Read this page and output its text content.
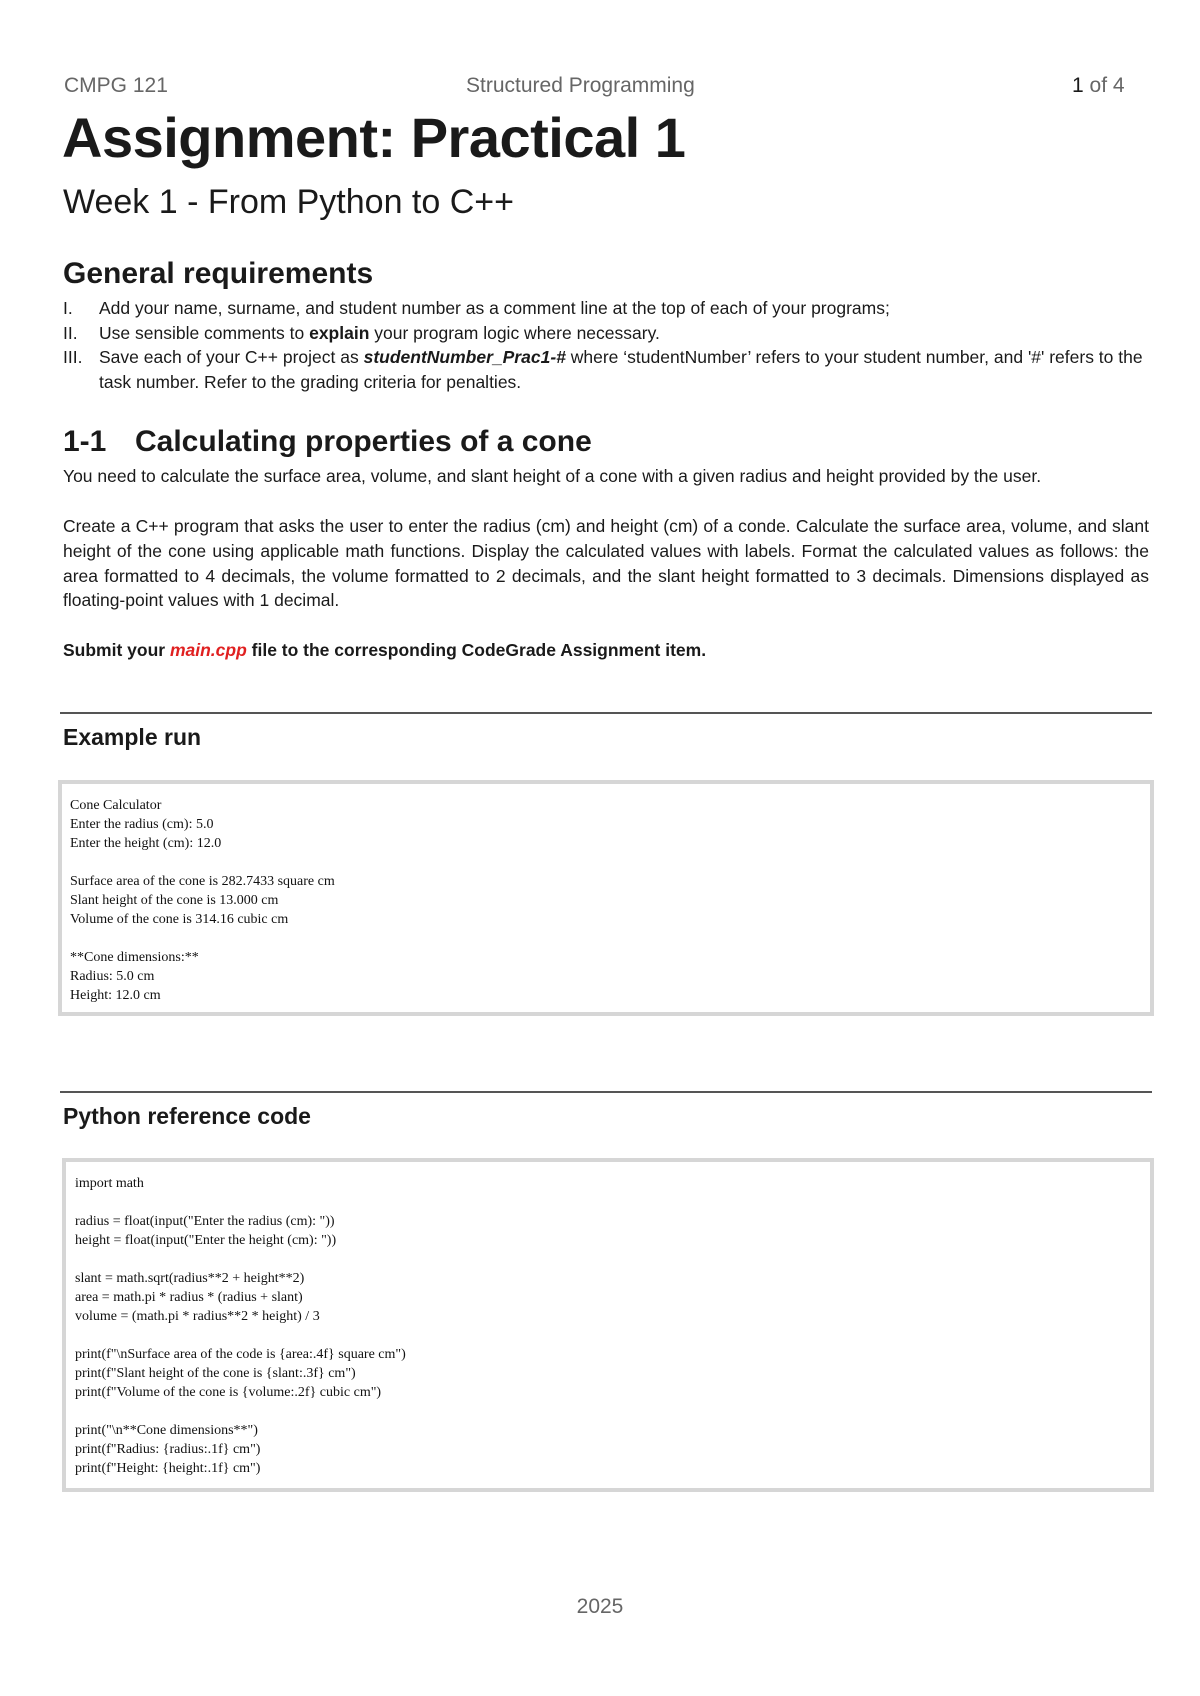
CMPG 121	Structured Programming	1 of 4
Assignment: Practical 1
Week 1 - From Python to C++
General requirements
I. Add your name, surname, and student number as a comment line at the top of each of your programs;
II. Use sensible comments to explain your program logic where necessary.
III. Save each of your C++ project as studentNumber_Prac1-# where ‘studentNumber’ refers to your student number, and '#' refers to the task number. Refer to the grading criteria for penalties.
1-1 Calculating properties of a cone

You need to calculate the surface area, volume, and slant height of a cone with a given radius and height provided by the user.

Create a C++ program that asks the user to enter the radius (cm) and height (cm) of a conde. Calculate the surface area, volume, and slant height of the cone using applicable math functions. Display the calculated values with labels. Format the calculated values as follows: the area formatted to 4 decimals, the volume formatted to 2 decimals, and the slant height formatted to 3 decimals. Dimensions displayed as floating-point values with 1 decimal.

Submit your main.cpp file to the corresponding CodeGrade Assignment item.

Example run
Cone Calculator
Enter the radius (cm): 5.0
Enter the height (cm): 12.0
Surface area of the cone is 282.7433 square cm
Slant height of the cone is 13.000 cm
Volume of the cone is 314.16 cubic cm
**Cone dimensions:**
Radius: 5.0 cm
Height: 12.0 cm
Python reference code
import math
radius = float(input("Enter the radius (cm): "))
height = float(input("Enter the height (cm): "))
slant = math.sqrt(radius**2 + height**2)
area = math.pi * radius * (radius + slant)
volume = (math.pi * radius**2 * height) / 3
print(f"\nSurface area of the code is {area:.4f} square cm")
print(f"Slant height of the cone is {slant:.3f} cm")
print(f"Volume of the cone is {volume:.2f} cubic cm")
print("\n**Cone dimensions**")
print(f"Radius: {radius:.1f} cm")
print(f"Height: {height:.1f} cm")
2025
